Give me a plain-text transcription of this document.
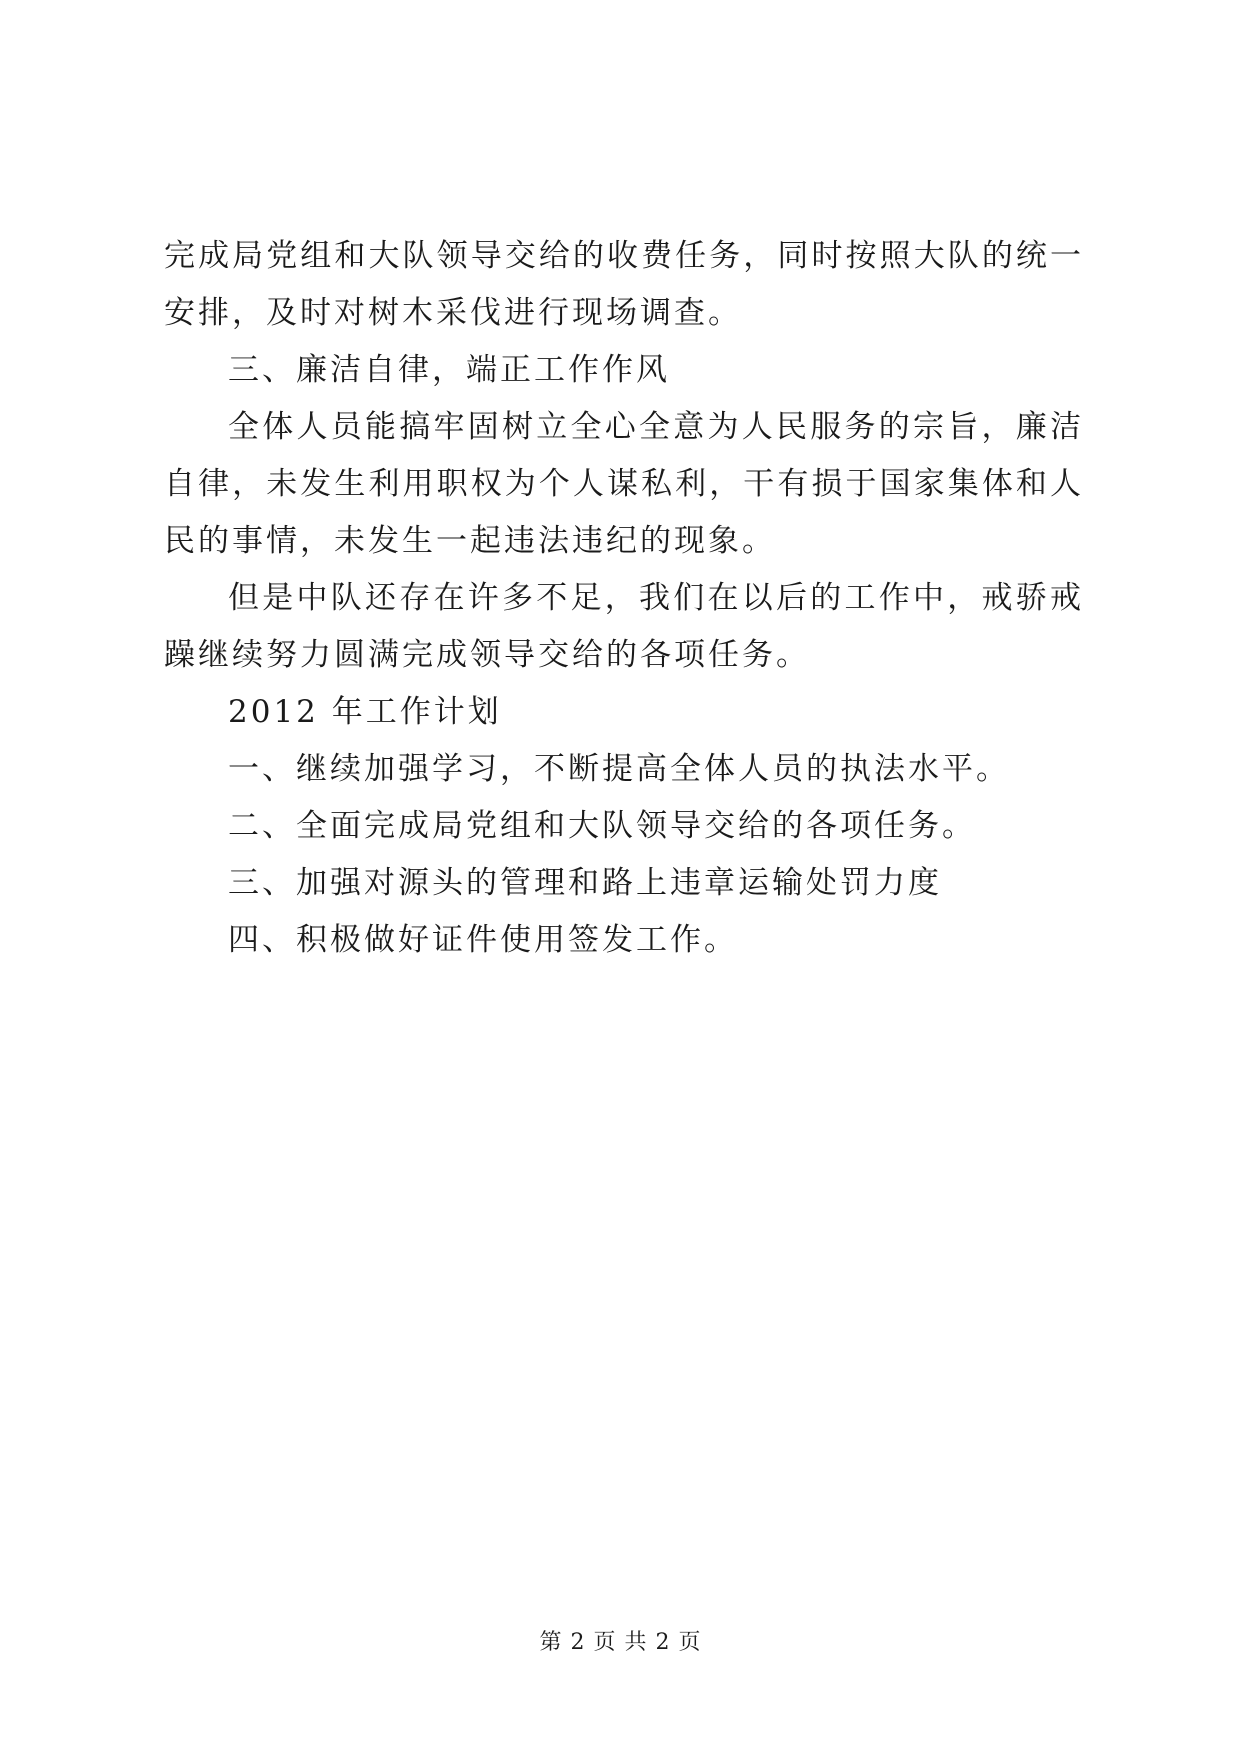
完成局党组和大队领导交给的收费任务，同时按照大队的统一安排，及时对树木采伐进行现场调查。

三、廉洁自律，端正工作作风

全体人员能搞牢固树立全心全意为人民服务的宗旨，廉洁自律，未发生利用职权为个人谋私利，干有损于国家集体和人民的事情，未发生一起违法违纪的现象。

但是中队还存在许多不足，我们在以后的工作中，戒骄戒躁继续努力圆满完成领导交给的各项任务。

2012 年工作计划

一、继续加强学习，不断提高全体人员的执法水平。

二、全面完成局党组和大队领导交给的各项任务。

三、加强对源头的管理和路上违章运输处罚力度

四、积极做好证件使用签发工作。

第 2 页 共 2 页
